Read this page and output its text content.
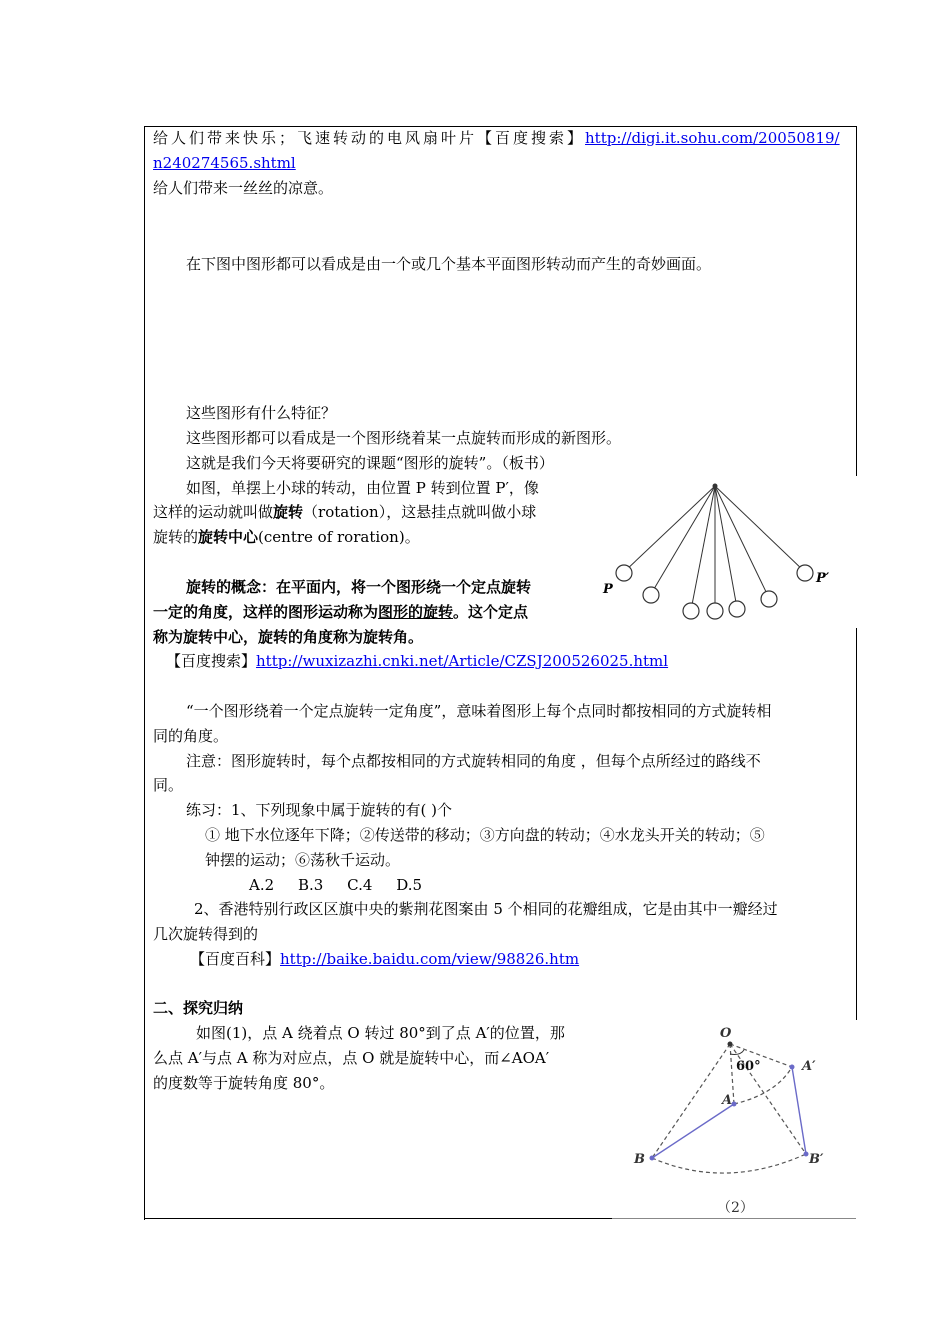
给人们带来快乐；飞速转动的电风扇叶片【百度搜索】http://digi.it.sohu.com/20050819/
n240274565.shtml
给人们带来一丝丝的凉意。
在下图中图形都可以看成是由一个或几个基本平面图形转动而产生的奇妙画面。
这些图形有什么特征？
这些图形都可以看成是一个图形绕着某一点旋转而形成的新图形。
这就是我们今天将要研究的课题“图形的旋转”。（板书）
如图，单摆上小球的转动，由位置 P 转到位置 P′，像
这样的运动就叫做旋转（rotation），这悬挂点就叫做小球
旋转的旋转中心(centre of roration)。
旋转的概念：在平面内，将一个图形绕一个定点旋转
一定的角度，这样的图形运动称为图形的旋转。这个定点
称为旋转中心，旋转的角度称为旋转角。
【百度搜索】http://wuxizazhi.cnki.net/Article/CZSJ200526025.html
“一个图形绕着一个定点旋转一定角度”，意味着图形上每个点同时都按相同的方式旋转相
同的角度。
注意：图形旋转时，每个点都按相同的方式旋转相同的角度 ，但每个点所经过的路线不
同。
练习：1、下列现象中属于旋转的有( )个
① 地下水位逐年下降；②传送带的移动；③方向盘的转动；④水龙头开关的转动；⑤
钟摆的运动；⑥荡秋千运动。
A.2     B.3     C.4     D.5
2、香港特别行政区区旗中央的紫荆花图案由 5 个相同的花瓣组成，它是由其中一瓣经过
几次旋转得到的
【百度百科】http://baike.baidu.com/view/98826.htm
二、探究归纳
如图(1)，点 A 绕着点 O 转过 80°到了点 A′的位置，那
么点 A′与点 A 称为对应点，点 O 就是旋转中心，而∠AOA′
的度数等于旋转角度 80°。
P
P′
O
60°
A
A′
B	B′
（2）
